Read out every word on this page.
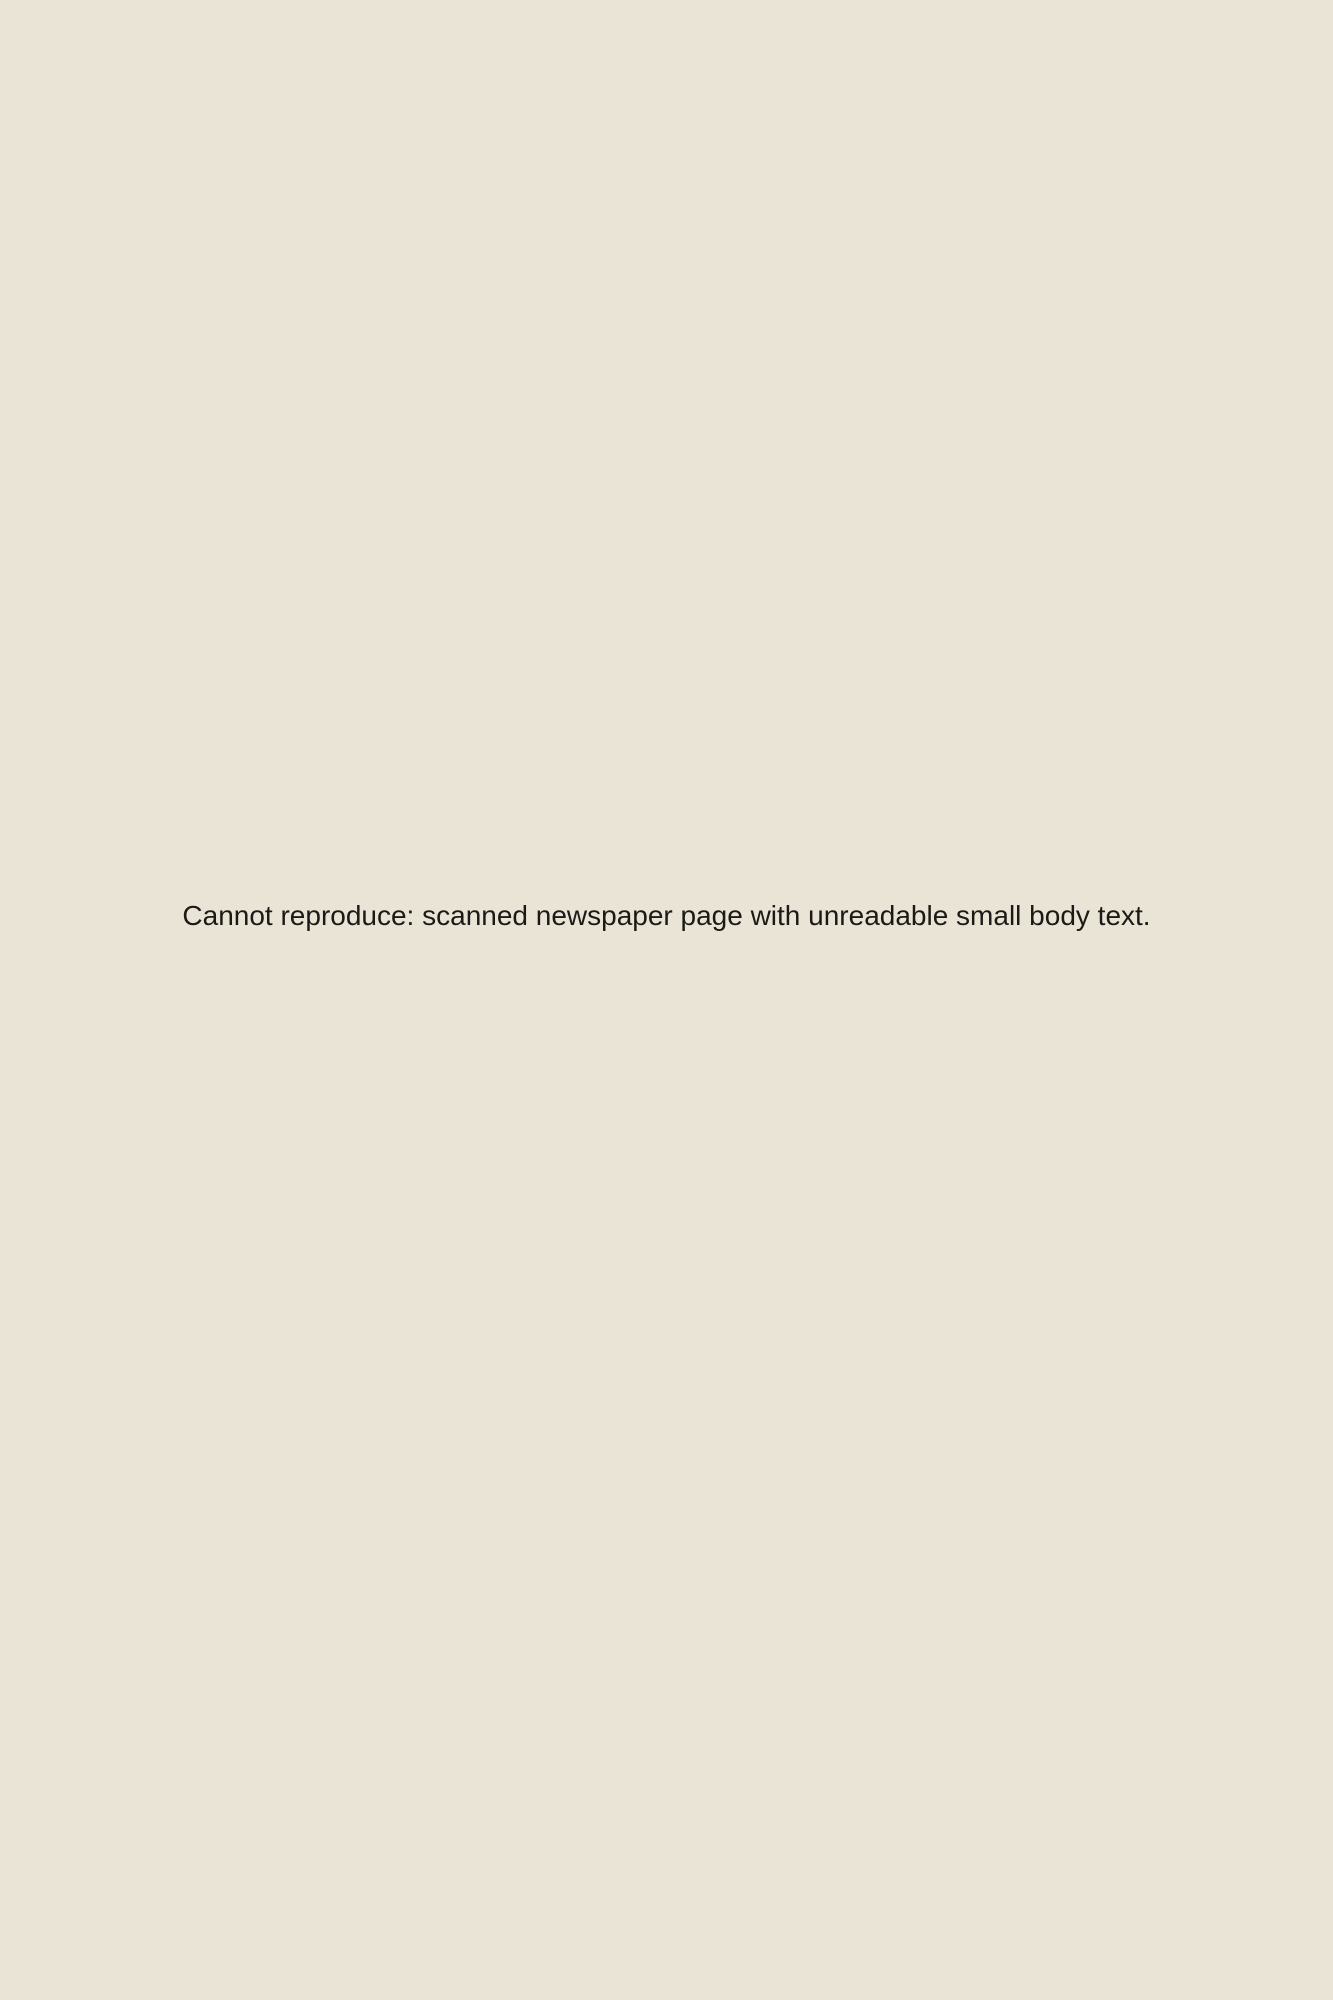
Cannot reproduce: scanned newspaper page with unreadable small body text.
